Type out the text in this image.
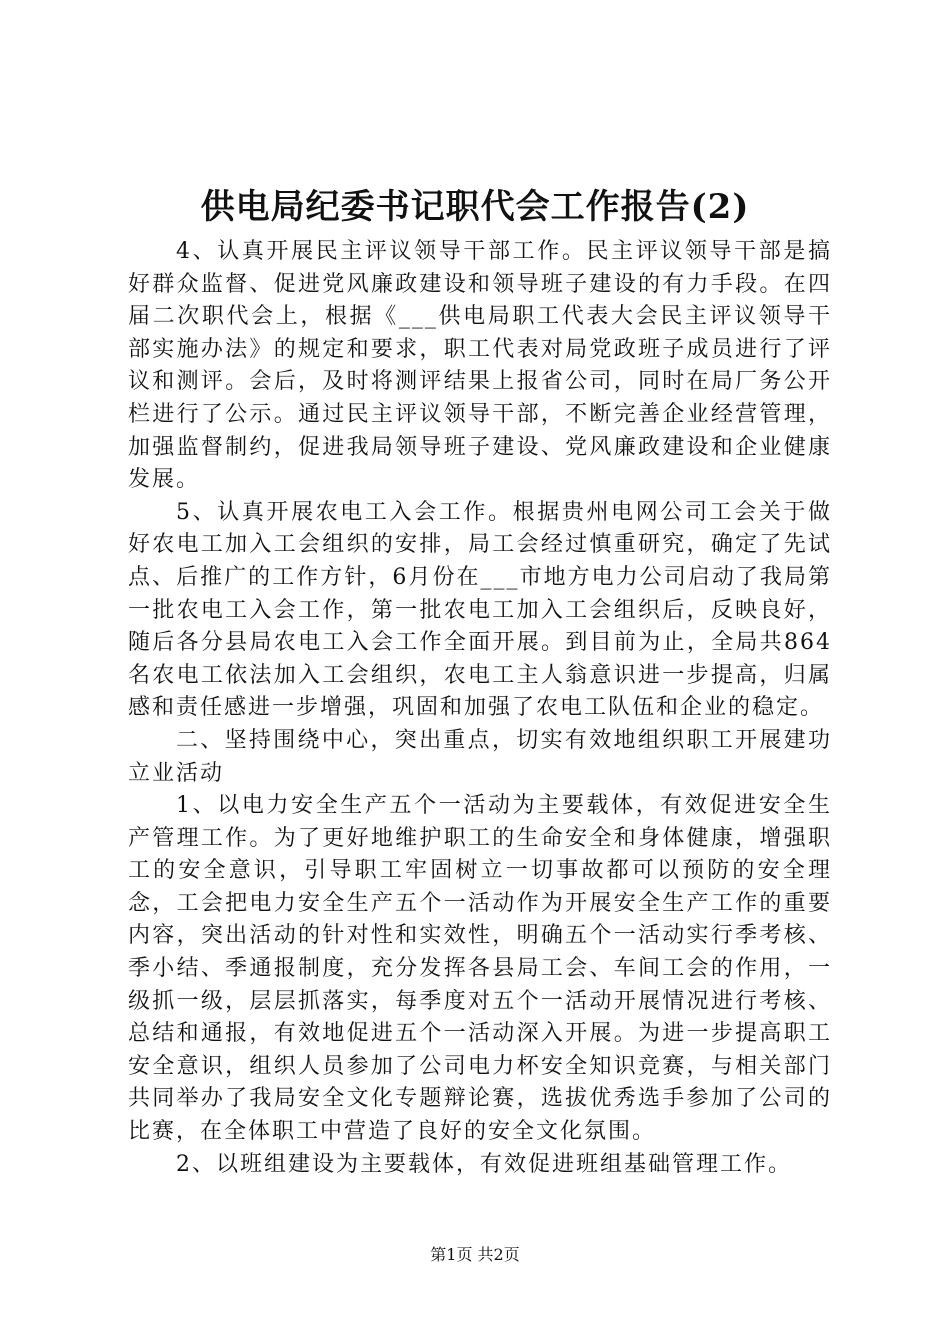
供电局纪委书记职代会工作报告(2)

4、认真开展民主评议领导干部工作。民主评议领导干部是搞好群众监督、促进党风廉政建设和领导班子建设的有力手段。在四届二次职代会上，根据《___供电局职工代表大会民主评议领导干部实施办法》的规定和要求，职工代表对局党政班子成员进行了评议和测评。会后，及时将测评结果上报省公司，同时在局厂务公开栏进行了公示。通过民主评议领导干部，不断完善企业经营管理，加强监督制约，促进我局领导班子建设、党风廉政建设和企业健康发展。

5、认真开展农电工入会工作。根据贵州电网公司工会关于做好农电工加入工会组织的安排，局工会经过慎重研究，确定了先试点、后推广的工作方针，6月份在___市地方电力公司启动了我局第一批农电工入会工作，第一批农电工加入工会组织后，反映良好，随后各分县局农电工入会工作全面开展。到目前为止，全局共864名农电工依法加入工会组织，农电工主人翁意识进一步提高，归属感和责任感进一步增强，巩固和加强了农电工队伍和企业的稳定。

二、坚持围绕中心，突出重点，切实有效地组织职工开展建功立业活动

1、以电力安全生产五个一活动为主要载体，有效促进安全生产管理工作。为了更好地维护职工的生命安全和身体健康，增强职工的安全意识，引导职工牢固树立一切事故都可以预防的安全理念，工会把电力安全生产五个一活动作为开展安全生产工作的重要内容，突出活动的针对性和实效性，明确五个一活动实行季考核、季小结、季通报制度，充分发挥各县局工会、车间工会的作用，一级抓一级，层层抓落实，每季度对五个一活动开展情况进行考核、总结和通报，有效地促进五个一活动深入开展。为进一步提高职工安全意识，组织人员参加了公司电力杯安全知识竞赛，与相关部门共同举办了我局安全文化专题辩论赛，选拔优秀选手参加了公司的比赛，在全体职工中营造了良好的安全文化氛围。

2、以班组建设为主要载体，有效促进班组基础管理工作。

第1页 共2页
